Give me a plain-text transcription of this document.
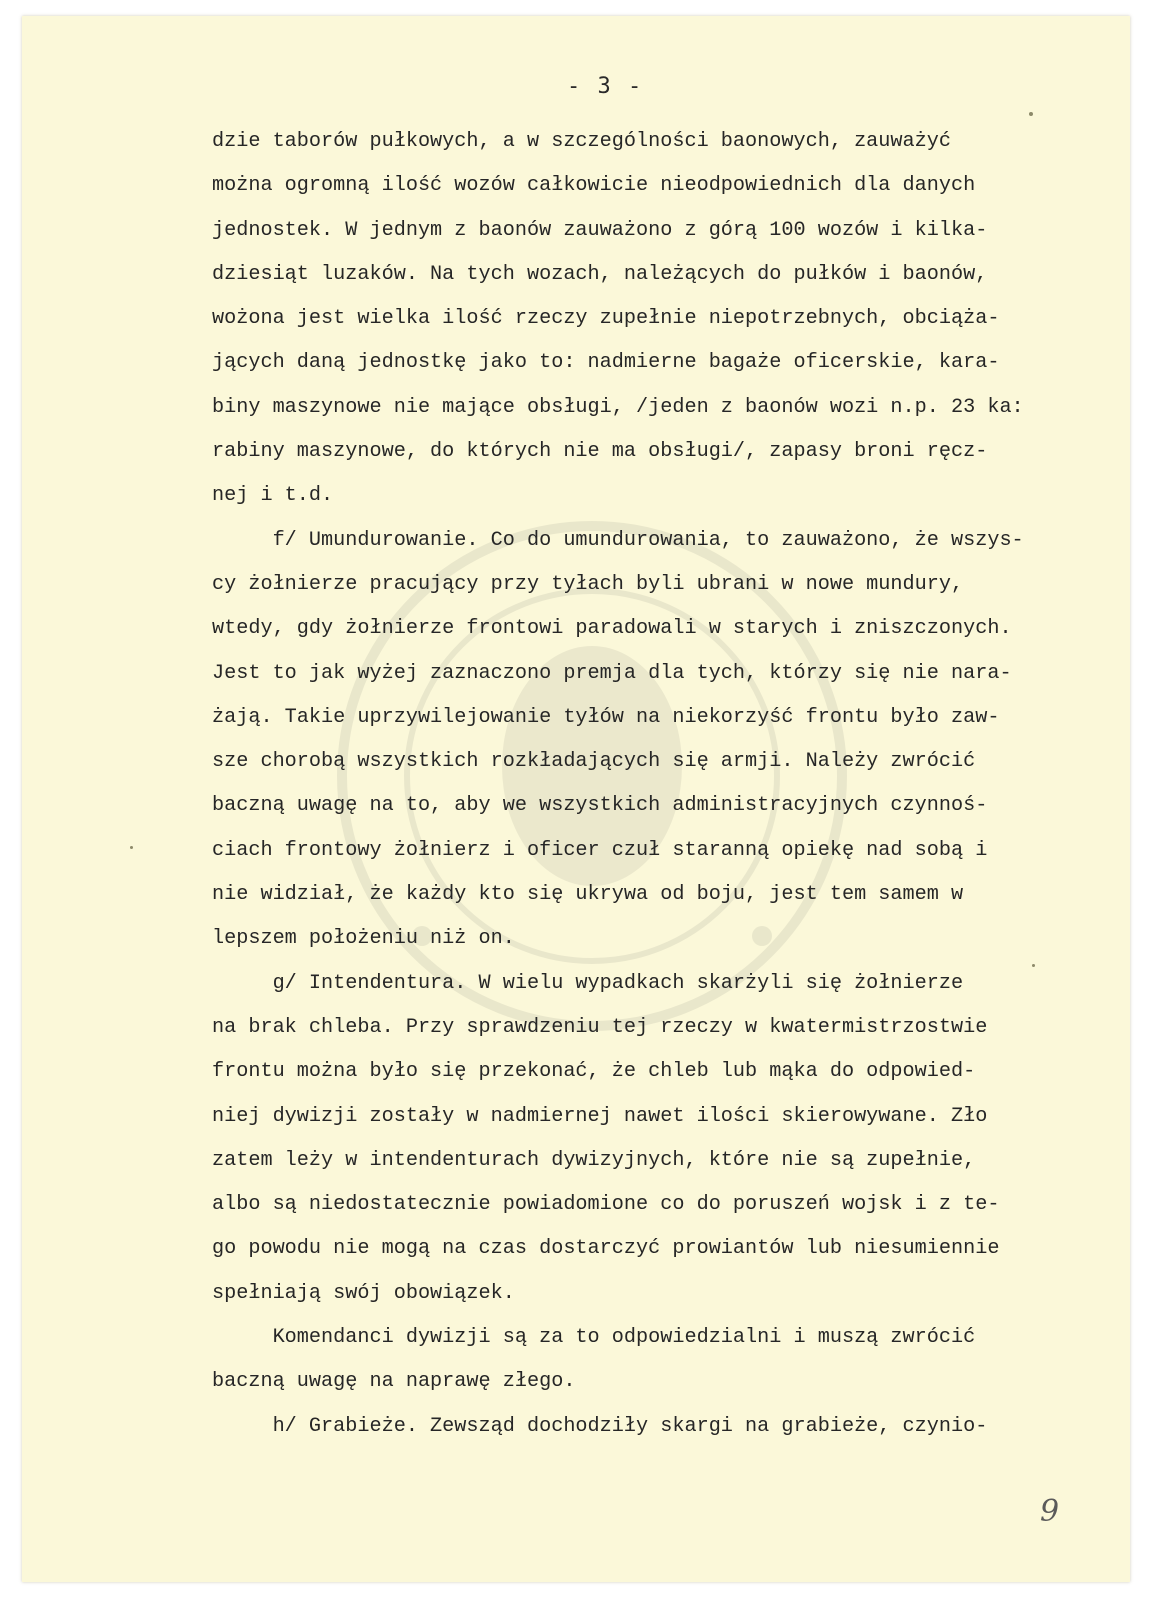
- 3 -
dzie taborów pułkowych, a w szczególności baonowych, zauważyć
można ogromną ilość wozów całkowicie nieodpowiednich dla danych
jednostek. W jednym z baonów zauważono z górą 100 wozów i kilka-
dziesiąt luzaków. Na tych wozach, należących do pułków i baonów,
wożona jest wielka ilość rzeczy zupełnie niepotrzebnych, obciąża-
jących daną jednostkę jako to: nadmierne bagaże oficerskie, kara-
biny maszynowe nie mające obsługi, /jeden z baonów wozi n.p. 23 ka:
rabiny maszynowe, do których nie ma obsługi/, zapasy broni ręcz-
nej i t.d.
f/ Umundurowanie. Co do umundurowania, to zauważono, że wszys-
cy żołnierze pracujący przy tyłach byli ubrani w nowe mundury,
wtedy, gdy żołnierze frontowi paradowali w starych i zniszczonych.
Jest to jak wyżej zaznaczono premja dla tych, którzy się nie nara-
żają. Takie uprzywilejowanie tyłów na niekorzyść frontu było zaw-
sze chorobą wszystkich rozkładających się armji. Należy zwrócić
baczną uwagę na to, aby we wszystkich administracyjnych czynnoś-
ciach frontowy żołnierz i oficer czuł staranną opiekę nad sobą i
nie widział, że każdy kto się ukrywa od boju, jest tem samem w
lepszem położeniu niż on.
g/ Intendentura. W wielu wypadkach skarżyli się żołnierze
na brak chleba. Przy sprawdzeniu tej rzeczy w kwatermistrzostwie
frontu można było się przekonać, że chleb lub mąka do odpowied-
niej dywizji zostały w nadmiernej nawet ilości skierowywane. Zło
zatem leży w intendenturach dywizyjnych, które nie są zupełnie,
albo są niedostatecznie powiadomione co do poruszeń wojsk i z te-
go powodu nie mogą na czas dostarczyć prowiantów lub niesumiennie
spełniają swój obowiązek.
Komendanci dywizji są za to odpowiedzialni i muszą zwrócić
baczną uwagę na naprawę złego.
h/ Grabieże. Zewsząd dochodziły skargi na grabieże, czynio-
9
